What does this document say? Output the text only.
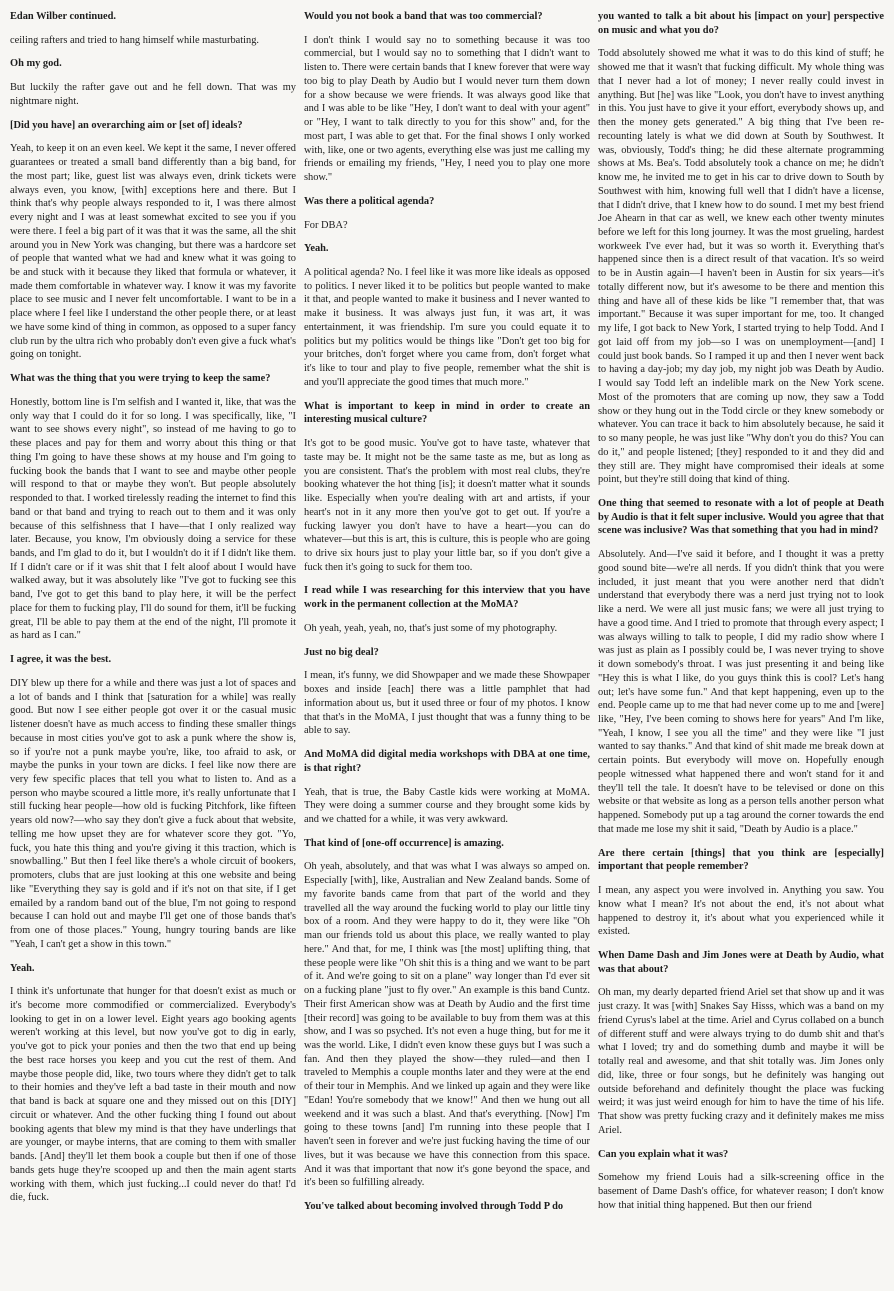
Edan Wilber continued.

ceiling rafters and tried to hang himself while masturbating.

Oh my god.

But luckily the rafter gave out and he fell down. That was my nightmare night.

[Did you have] an overarching aim or [set of] ideals?

Yeah, to keep it on an even keel. We kept it the same, I never offered guarantees or treated a small band differently than a big band, for the most part; like, guest list was always even, drink tickets were always even, you know, [with] exceptions here and there. But I think that's why people always responded to it, I was there almost every night and I was at least somewhat excited to see you if you were there. I feel a big part of it was that it was the same, all the shit around you in New York was changing, but there was a hardcore set of people that wanted what we had and knew what it was going to be and stuck with it because they liked that formula or whatever, it made them comfortable in whatever way. I know it was my favorite place to see music and I never felt uncomfortable. I want to be in a place where I feel like I understand the other people there, or at least we have some kind of thing in common, as opposed to a super fancy club run by the ultra rich who probably don't even give a fuck what's going on tonight.

What was the thing that you were trying to keep the same?

Honestly, bottom line is I'm selfish and I wanted it, like, that was the only way that I could do it for so long. I was specifically, like, "I want to see shows every night", so instead of me having to go to these places and pay for them and worry about this thing or that thing I'm going to have these shows at my house and I'm going to fucking book the bands that I want to see and maybe other people will respond to that or maybe they won't. But people absolutely responded to that. I worked tirelessly reading the internet to find this band or that band and trying to reach out to them and it was only because of this selfishness that I have—that I only realized way later. Because, you know, I'm obviously doing a service for these bands, and I'm glad to do it, but I wouldn't do it if I didn't like them. If I didn't care or if it was shit that I felt aloof about I would have walked away, but it was absolutely like "I've got to fucking see this band, I've got to get this band to play here, it will be the perfect place for them to fucking play, I'll do sound for them, it'll be fucking great, I'll be able to pay them at the end of the night, I'll promote it as hard as I can."

I agree, it was the best.

DIY blew up there for a while and there was just a lot of spaces and a lot of bands and I think that [saturation for a while] was really good. But now I see either people got over it or the casual music listener doesn't have as much access to finding these smaller things because in most cities you've got to ask a punk where the show is, so if you're not a punk maybe you're, like, too afraid to ask, or maybe the punks in your town are dicks. I feel like now there are very few specific places that tell you what to listen to. And as a person who maybe scoured a little more, it's really unfortunate that I still fucking hear people—how old is fucking Pitchfork, like fifteen years old now?—who say they don't give a fuck about that website, telling me how upset they are for whatever score they got. "Yo, fuck, you hate this thing and you're giving it this traction, which is snowballing." But then I feel like there's a whole circuit of bookers, promoters, clubs that are just looking at this one website and being like "Everything they say is gold and if it's not on that site, if I get emailed by a random band out of the blue, I'm not going to respond because I can hold out and maybe I'll get one of those bands that's from one of those places." Young, hungry touring bands are like "Yeah, I can't get a show in this town."

Yeah.

I think it's unfortunate that hunger for that doesn't exist as much or it's become more commodified or commercialized. Everybody's looking to get in on a lower level. Eight years ago booking agents weren't working at this level, but now you've got to dig in early, you've got to pick your ponies and then the two that end up being the best race horses you keep and you cut the rest of them. And maybe those people did, like, two tours where they didn't get to talk to their homies and they've left a bad taste in their mouth and now that band is back at square one and they missed out on this [DIY] circuit or whatever. And the other fucking thing I found out about booking agents that blew my mind is that they have underlings that are younger, or maybe interns, that are coming to them with smaller bands. [And] they'll let them book a couple but then if one of those bands gets huge they're scooped up and then the main agent starts working with them, which just fucking...I could never do that! I'd die, fuck.

Would you not book a band that was too commercial?

I don't think I would say no to something because it was too commercial, but I would say no to something that I didn't want to listen to. There were certain bands that I knew forever that were way too big to play Death by Audio but I would never turn them down for a show because we were friends. It was always good like that and I was able to be like "Hey, I don't want to deal with your agent" or "Hey, I want to talk directly to you for this show" and, for the most part, I was able to get that. For the final shows I only worked with, like, one or two agents, everything else was just me calling my friends or emailing my friends, "Hey, I need you to play one more show."

Was there a political agenda?

For DBA?

Yeah.

A political agenda? No. I feel like it was more like ideals as opposed to politics. I never liked it to be politics but people wanted to make it that, and people wanted to make it business and I never wanted to make it business. It was always just fun, it was art, it was entertainment, it was friendship. I'm sure you could equate it to politics but my politics would be things like "Don't get too big for your britches, don't forget where you came from, don't forget what it's like to tour and play to five people, remember what the shit is and you'll appreciate the good times that much more."

What is important to keep in mind in order to create an interesting musical culture?

It's got to be good music. You've got to have taste, whatever that taste may be. It might not be the same taste as me, but as long as you are consistent. That's the problem with most real clubs, they're booking whatever the hot thing [is]; it doesn't matter what it sounds like. Especially when you're dealing with art and artists, if your heart's not in it any more then you've got to get out. If you're a fucking lawyer you don't have to have a heart—you can do whatever—but this is art, this is culture, this is people who are going to drive six hours just to play your little bar, so if you don't give a fuck then it's going to suck for them too.

I read while I was researching for this interview that you have work in the permanent collection at the MoMA?

Oh yeah, yeah, yeah, no, that's just some of my photography.

Just no big deal?

I mean, it's funny, we did Showpaper and we made these Showpaper boxes and inside [each] there was a little pamphlet that had information about us, but it used three or four of my photos. I know that that's in the MoMA, I just thought that was a funny thing to be able to say.

And MoMA did digital media workshops with DBA at one time, is that right?

Yeah, that is true, the Baby Castle kids were working at MoMA. They were doing a summer course and they brought some kids by and we chatted for a while, it was very awkward.

That kind of [one-off occurrence] is amazing.

Oh yeah, absolutely, and that was what I was always so amped on. Especially [with], like, Australian and New Zealand bands. Some of my favorite bands came from that part of the world and they travelled all the way around the fucking world to play our little tiny box of a room. And they were happy to do it, they were like "Oh man our friends told us about this place, we really wanted to play here." And that, for me, I think was [the most] uplifting thing, that these people were like "Oh shit this is a thing and we want to be part of it. And we're going to sit on a plane" way longer than I'd ever sit on a fucking plane "just to fly over." An example is this band Cuntz. Their first American show was at Death by Audio and the first time [their record] was going to be available to buy from them was at this show, and I was so psyched. It's not even a huge thing, but for me it was the world. Like, I didn't even know these guys but I was such a fan. And then they played the show—they ruled—and then I traveled to Memphis a couple months later and they were at the end of their tour in Memphis. And we linked up again and they were like "Edan! You're somebody that we know!" And then we hung out all weekend and it was such a blast. And that's everything. [Now] I'm going to these towns [and] I'm running into these people that I haven't seen in forever and we're just fucking having the time of our lives, but it was because we have this connection from this space. And it was that important that now it's gone beyond the space, and it's been so fulfilling already.

You've talked about becoming involved through Todd P do

you wanted to talk a bit about his [impact on your] perspective on music and what you do?

Todd absolutely showed me what it was to do this kind of stuff; he showed me that it wasn't that fucking difficult. My whole thing was that I never had a lot of money; I never really could invest in anything. But [he] was like "Look, you don't have to invest anything in this. You just have to give it your effort, everybody shows up, and then the money gets generated." A big thing that I've been re-recounting lately is what we did down at South by Southwest. It was, obviously, Todd's thing; he did these alternate programming shows at Ms. Bea's. Todd absolutely took a chance on me; he didn't know me, he invited me to get in his car to drive down to South by Southwest with him, knowing full well that I didn't have a license, that I didn't drive, that I knew how to do sound. I met my best friend Joe Ahearn in that car as well, we knew each other twenty minutes before we left for this long journey. It was the most grueling, hardest workweek I've ever had, but it was so worth it. Everything that's happened since then is a direct result of that vacation. It's so weird to be in Austin again—I haven't been in Austin for six years—it's totally different now, but it's awesome to be there and mention this thing and have all of these kids be like "I remember that, that was important." Because it was super important for me, too. It changed my life, I got back to New York, I started trying to help Todd. And I got laid off from my job—so I was on unemployment—[and] I could just book bands. So I ramped it up and then I never went back to having a day-job; my day job, my night job was Death by Audio. I would say Todd left an indelible mark on the New York scene. Most of the promoters that are coming up now, they saw a Todd show or they hung out in the Todd circle or they knew somebody or whatever. You can trace it back to him absolutely because, he said it to so many people, he was just like "Why don't you do this? You can do it," and people listened; [they] responded to it and they did and they still are. They might have compromised their ideals at some point, but they're still doing that kind of thing.

One thing that seemed to resonate with a lot of people at Death by Audio is that it felt super inclusive. Would you agree that that scene was inclusive? Was that something that you had in mind?

Absolutely. And—I've said it before, and I thought it was a pretty good sound bite—we're all nerds. If you didn't think that you were included, it just meant that you were another nerd that didn't understand that everybody there was a nerd just trying not to look like a nerd. We were all just music fans; we were all just trying to have a good time. And I tried to promote that through every aspect; I was always willing to talk to people, I did my radio show where I was just as plain as I possibly could be, I was never trying to shove it down somebody's throat. I was just presenting it and being like "Hey this is what I like, do you guys think this is cool? Let's hang out; let's have some fun." And that kept happening, even up to the end. People came up to me that had never come up to me and [were] like, "Hey, I've been coming to shows here for years" And I'm like, "Yeah, I know, I see you all the time" and they were like "I just wanted to say thanks." And that kind of shit made me break down at certain points. But everybody will move on. Hopefully enough people witnessed what happened there and won't stand for it and they'll tell the tale. It doesn't have to be televised or done on this website or that website as long as a person tells another person what happened. Somebody put up a tag around the corner towards the end that made me lose my shit it said, "Death by Audio is a place."

Are there certain [things] that you think are [especially] important that people remember?

I mean, any aspect you were involved in. Anything you saw. You know what I mean? It's not about the end, it's not about what happened to destroy it, it's about what you experienced while it existed.

When Dame Dash and Jim Jones were at Death by Audio, what was that about?

Oh man, my dearly departed friend Ariel set that show up and it was just crazy. It was [with] Snakes Say Hisss, which was a band on my friend Cyrus's label at the time. Ariel and Cyrus collabed on a bunch of different stuff and were always trying to do dumb shit and that's what I loved; try and do something dumb and maybe it will be totally real and awesome, and that shit totally was. Jim Jones only did, like, three or four songs, but he definitely was hanging out outside beforehand and definitely thought the place was fucking weird; it was just weird enough for him to have the time of his life. That show was pretty fucking crazy and it definitely makes me miss Ariel.

Can you explain what it was?

Somehow my friend Louis had a silk-screening office in the basement of Dame Dash's office, for whatever reason; I don't know how that initial thing happened. But then our friend
